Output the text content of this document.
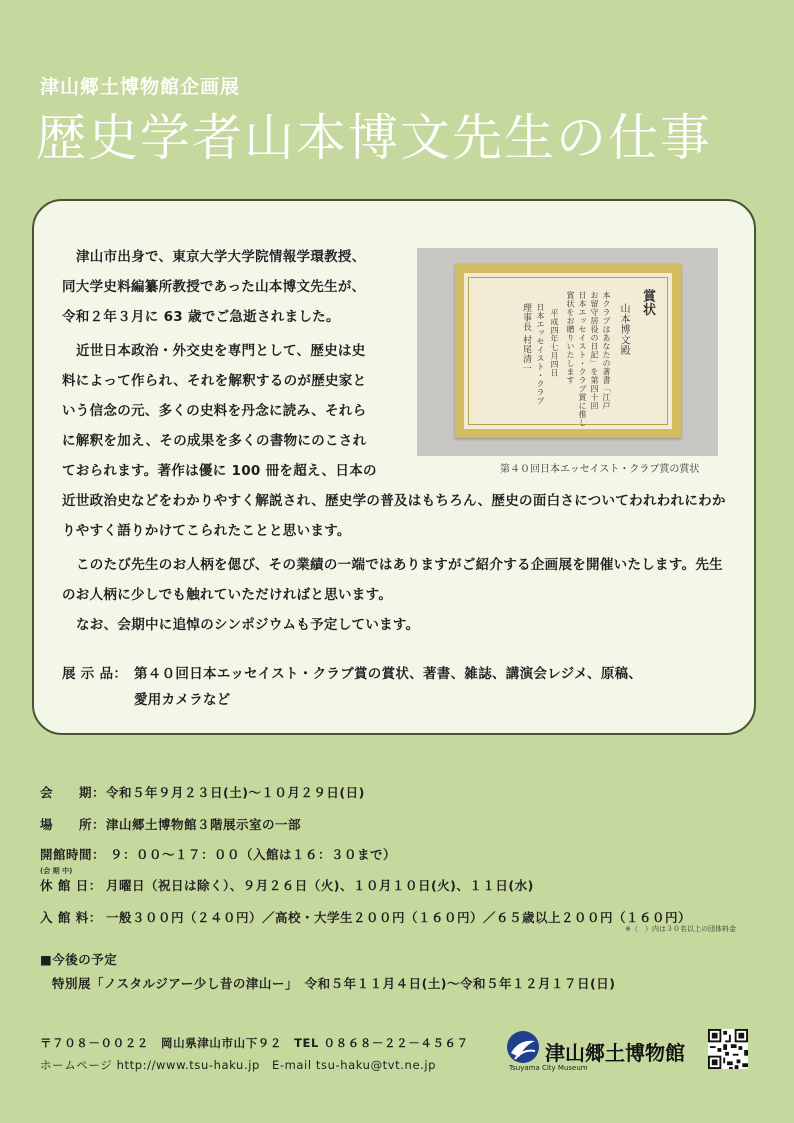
津山郷土博物館企画展
歴史学者山本博文先生の仕事
津山市出身で、東京大学大学院情報学環教授、
同大学史料編纂所教授であった山本博文先生が、
令和２年３月に 63 歳でご急逝されました。
近世日本政治・外交史を専門として、歴史は史
料によって作られ、それを解釈するのが歴史家と
いう信念の元、多くの史料を丹念に読み、それら
に解釈を加え、その成果を多くの書物にのこされ
ておられます。著作は優に 100 冊を超え、日本の
近世政治史などをわかりやすく解説され、歴史学の普及はもちろん、歴史の面白さについてわれわれにわか
りやすく語りかけてこられたことと思います。
このたび先生のお人柄を偲び、その業績の一端ではありますがご紹介する企画展を開催いたします。先生
のお人柄に少しでも触れていただければと思います。
なお、会期中に追悼のシンポジウムも予定しています。
展 示 品： 第４０回日本エッセイスト・クラブ賞の賞状、著書、雑誌、講演会レジメ、原稿、
愛用カメラなど
賞状
山本博文殿
本クラブはあなたの著書「江戸
お留守居役の日記」を第四十回
日本エッセイスト・クラブ賞に推し
賞状をお贈りいたします
平成四年七月四日
日本エッセイスト・クラブ
理事長 村尾清一
第４０回日本エッセイスト・クラブ賞の賞状
会　　期： 令和５年９月２３日(土)～１０月２９日(日)
場　　所： 津山郷土博物館３階展示室の一部
開館時間： ９：００～１７：００（入館は１６：３０まで）
(会 期 中)
休 館 日： 月曜日（祝日は除く）、９月２６日（火)、１０月１０日(火)、１１日(水)
入 館 料： 一般３００円（２４０円）／高校・大学生２００円（１６０円）／６５歳以上２００円（１６０円）
※（　）内は３０名以上の団体料金
■今後の予定
特別展「ノスタルジアー少し昔の津山ー」　令和５年１１月４日(土)～令和５年１２月１７日(日)
〒７０８－００２２　岡山県津山市山下９２　TEL ０８６８－２２－４５６７
ホームページ http://www.tsu-haku.jp　E-mail tsu-haku@tvt.ne.jp	津山郷土博物館
Tsuyama City Museum
